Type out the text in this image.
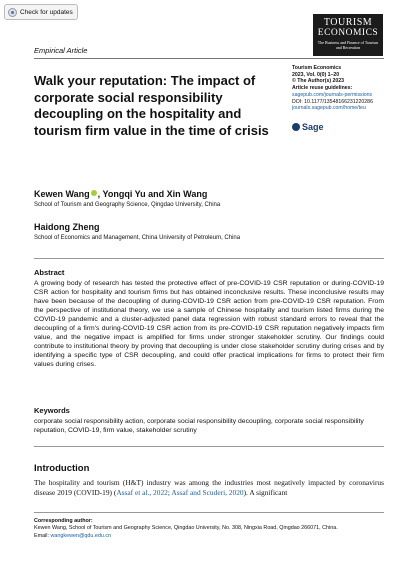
Check for updates
Empirical Article
TOURISM
ECONOMICS
The Business and Finance of Tourism and Recreation
Walk your reputation: The impact of corporate social responsibility decoupling on the hospitality and tourism firm value in the time of crisis
Tourism Economics
2023, Vol. 0(0) 1–20
© The Author(s) 2023
Article reuse guidelines:
sagepub.com/journals-permissions
DOI: 10.1177/13548166231220286
journals.sagepub.com/home/teu
Sage
Kewen Wang , Yongqi Yu and Xin Wang
School of Tourism and Geography Science, Qingdao University, China
Haidong Zheng
School of Economics and Management, China University of Petroleum, China
Abstract
A growing body of research has tested the protective effect of pre-COVID-19 CSR reputation or during-COVID-19 CSR action for hospitality and tourism firms but has obtained inconclusive results. These inconclusive results may have been because of the decoupling of during-COVID-19 CSR action from pre-COVID-19 CSR reputation. From the perspective of institutional theory, we use a sample of Chinese hospitality and tourism listed firms during the COVID-19 pandemic and a cluster-adjusted panel data regression with robust standard errors to reveal that the decoupling of a firm's during-COVID-19 CSR action from its pre-COVID-19 CSR reputation negatively impacts firm value, and the negative impact is amplified for firms under stronger stakeholder scrutiny. Our findings could contribute to institutional theory by proving that decoupling is under close stakeholder scrutiny during crises and by identifying a specific type of CSR decoupling, and could offer practical implications for firms to protect their firm values during crises.
Keywords
corporate social responsibility action, corporate social responsibility decoupling, corporate social responsibility reputation, COVID-19, firm value, stakeholder scrutiny
Introduction
The hospitality and tourism (H&T) industry was among the industries most negatively impacted by coronavirus disease 2019 (COVID-19) (Assaf et al., 2022; Assaf and Scuderi, 2020). A significant
Corresponding author:
Kewen Wang, School of Tourism and Geography Science, Qingdao University, No. 308, Ningxia Road, Qingdao 266071, China.
Email: wangkewen@qdu.edu.cn
